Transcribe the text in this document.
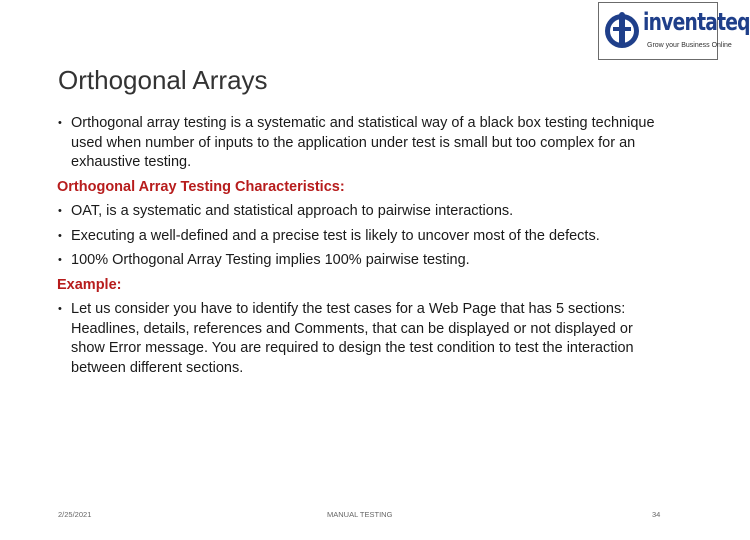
inventateq
Grow your Business Online
Orthogonal Arrays
• Orthogonal array testing is a systematic and statistical way of a black box testing technique used when number of inputs to the application under test is small but too complex for an exhaustive testing.
Orthogonal Array Testing Characteristics:
• OAT, is a systematic and statistical approach to pairwise interactions.
• Executing a well-defined and a precise test is likely to uncover most of the defects.
• 100% Orthogonal Array Testing implies 100% pairwise testing.
Example:
• Let us consider you have to identify the test cases for a Web Page that has 5 sections: Headlines, details, references and Comments, that can be displayed or not displayed or show Error message. You are required to design the test condition to test the interaction between different sections.
2/25/2021	MANUAL TESTING	34
